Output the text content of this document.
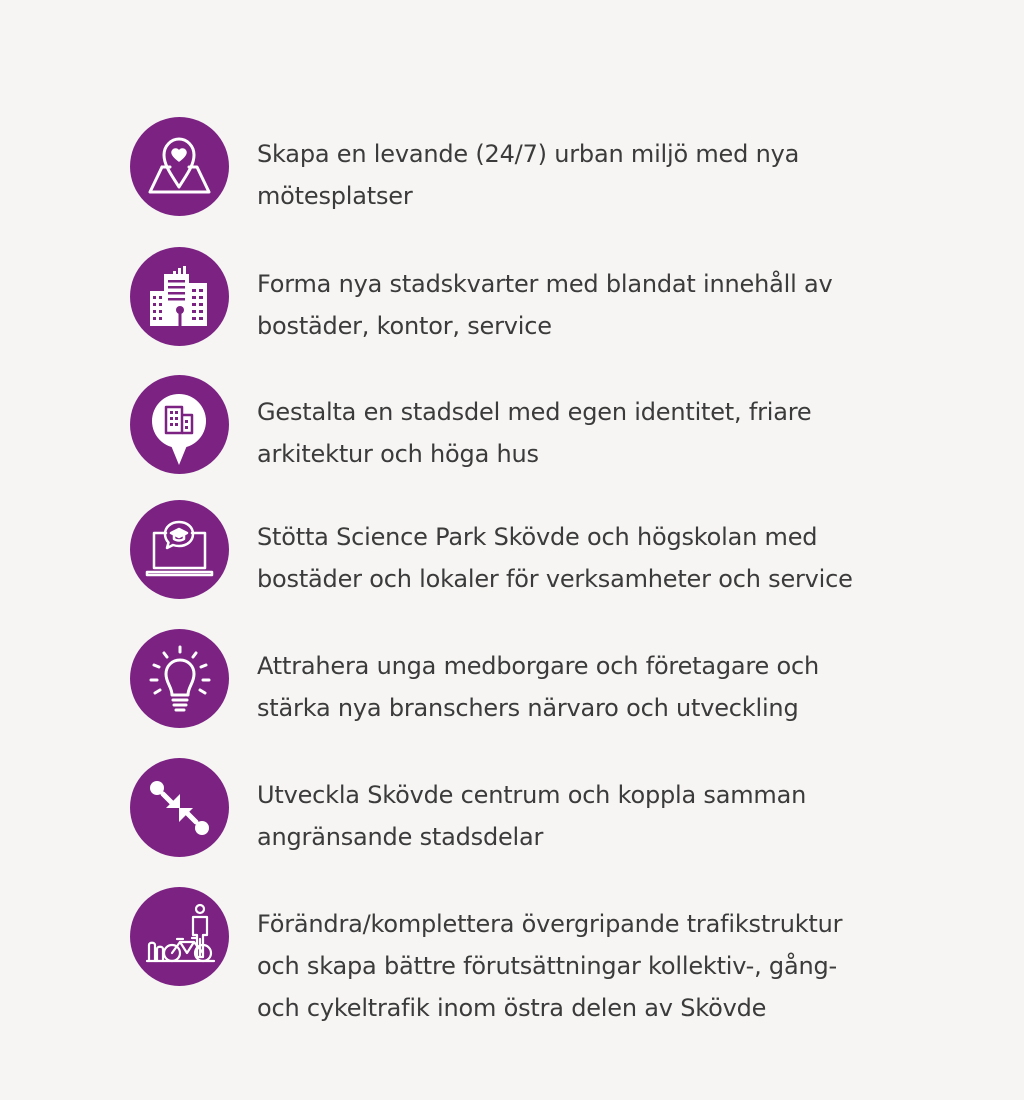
Skapa en levande (24/7) urban miljö med nya mötesplatser
Forma nya stadskvarter med blandat innehåll av bostäder, kontor, service
Gestalta en stadsdel med egen identitet, friare arkitektur och höga hus
Stötta Science Park Skövde och högskolan med bostäder och lokaler för verksamheter och service
Attrahera unga medborgare och företagare och stärka nya branschers närvaro och utveckling
Utveckla Skövde centrum och koppla samman angränsande stadsdelar
Förändra/komplettera övergripande trafikstruktur och skapa bättre förutsättningar kollektiv-, gång- och cykeltrafik inom östra delen av Skövde
